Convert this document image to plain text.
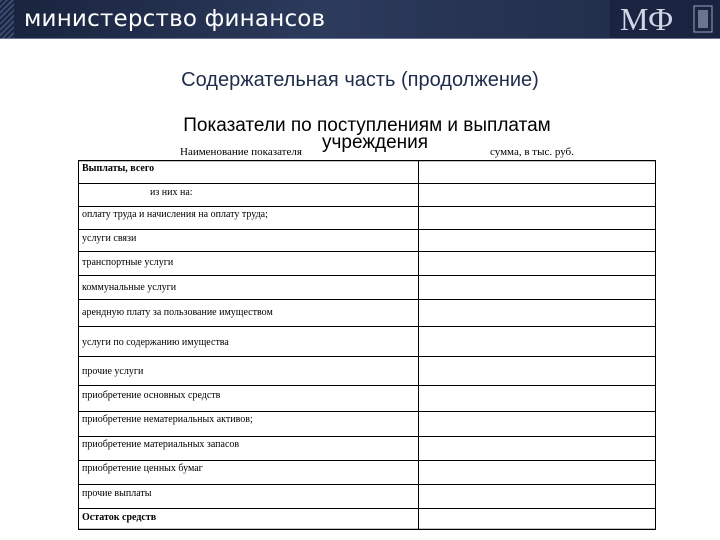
министерство финансов	МФ
Содержательная часть (продолжение)
Показатели по поступлениям и выплатам
учреждения
Наименование показателя	сумма, в тыс. руб.
Выплаты, всего
из них на:
оплату труда и начисления на оплату труда;
услуги связи
транспортные услуги
коммунальные услуги
арендную плату за пользование имуществом
услуги по содержанию имущества
прочие услуги
приобретение основных средств
приобретение нематериальных активов;
приобретение материальных запасов
приобретение ценных бумаг
прочие выплаты
Остаток средств
